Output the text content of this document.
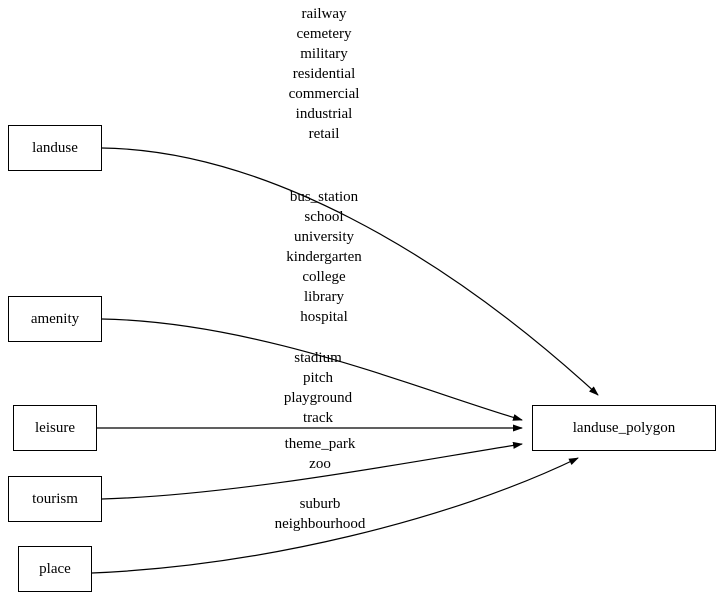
landuse
amenity
leisure
tourism
place
landuse_polygon
railway
cemetery
military
residential
commercial
industrial
retail
bus_station
school
university
kindergarten
college
library
hospital
stadium
pitch
playground
track
theme_park
zoo
suburb
neighbourhood
